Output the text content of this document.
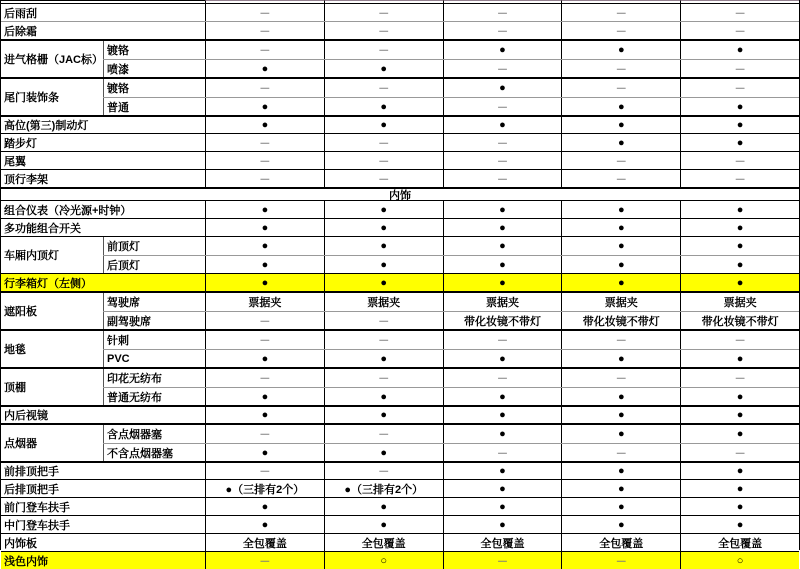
后雨刮	－	－	－	－	－
后除霜	－	－	－	－	－
进气格栅（JAC标）
镀铬	－	－	●	●	●
喷漆	●	●	－	－	－
尾门装饰条
镀铬	－	－	●	－	－
普通	●	●	－	●	●
高位(第三)制动灯	●	●	●	●	●
踏步灯	－	－	－	●	●
尾翼	－	－	－	－	－
顶行李架	－	－	－	－	－
内饰
组合仪表（冷光源+时钟）	●	●	●	●	●
多功能组合开关	●	●	●	●	●
车厢内顶灯
前顶灯	●	●	●	●	●
后顶灯	●	●	●	●	●
行李箱灯（左侧）	●	●	●	●	●
遮阳板
驾驶席	票据夹	票据夹	票据夹	票据夹	票据夹
副驾驶席	－	－	带化妆镜不带灯	带化妆镜不带灯	带化妆镜不带灯
地毯
针刺	－	－	－	－	－
PVC	●	●	●	●	●
顶棚
印花无纺布	－	－	－	－	－
普通无纺布	●	●	●	●	●
内后视镜	●	●	●	●	●
点烟器
含点烟器塞	－	－	●	●	●
不含点烟器塞	●	●	－	－	－
前排顶把手	－	－	●	●	●
后排顶把手	●（三排有2个）	●（三排有2个）	●	●	●
前门登车扶手	●	●	●	●	●
中门登车扶手	●	●	●	●	●
内饰板	全包覆盖	全包覆盖	全包覆盖	全包覆盖	全包覆盖
浅色内饰	－	○	－	－	○
